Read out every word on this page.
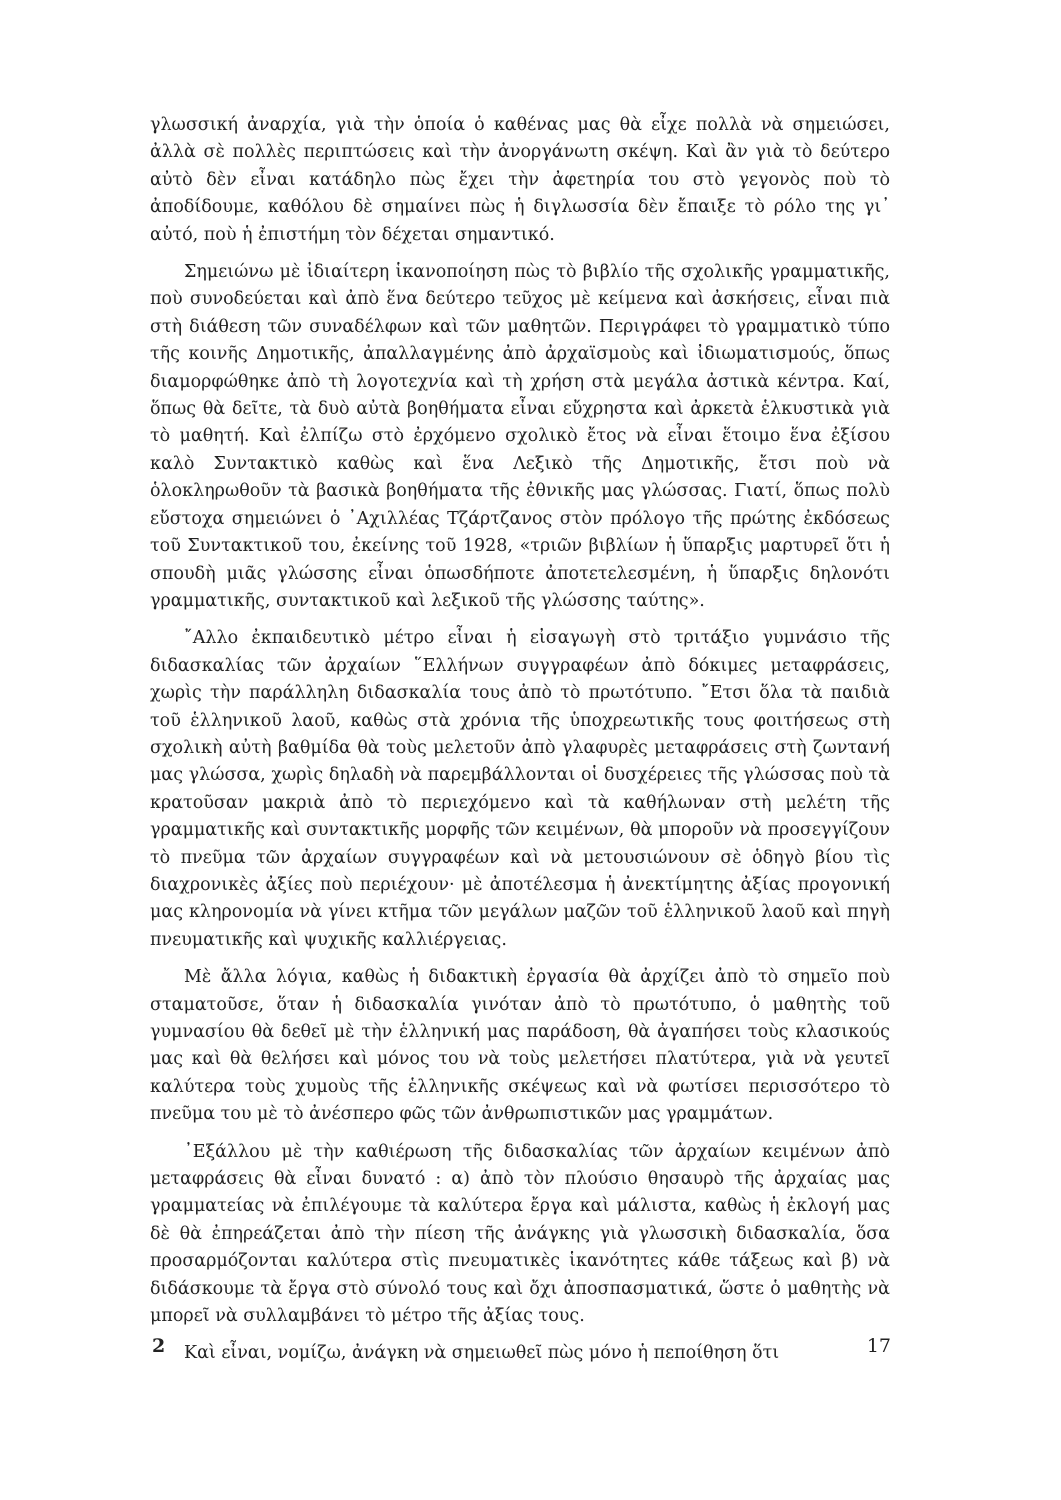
γλωσσική ἀναρχία, γιὰ τὴν ὁποία ὁ καθένας μας θὰ εἶχε πολλὰ νὰ σημειώσει, ἀλλὰ σὲ πολλὲς περιπτώσεις καὶ τὴν ἀνοργάνωτη σκέψη. Καὶ ἂν γιὰ τὸ δεύτερο αὐτὸ δὲν εἶναι κατάδηλο πὼς ἔχει τὴν ἀφετηρία του στὸ γεγονὸς ποὺ τὸ ἀποδίδουμε, καθόλου δὲ σημαίνει πὼς ἡ διγλωσσία δὲν ἔπαιξε τὸ ρόλο της γι᾽ αὐτό, ποὺ ἡ ἐπιστήμη τὸν δέχεται σημαντικό.

Σημειώνω μὲ ἰδιαίτερη ἱκανοποίηση πὼς τὸ βιβλίο τῆς σχολικῆς γραμματικῆς, ποὺ συνοδεύεται καὶ ἀπὸ ἕνα δεύτερο τεῦχος μὲ κείμενα καὶ ἀσκήσεις, εἶναι πιὰ στὴ διάθεση τῶν συναδέλφων καὶ τῶν μαθητῶν. Περιγράφει τὸ γραμματικὸ τύπο τῆς κοινῆς Δημοτικῆς, ἀπαλλαγμένης ἀπὸ ἀρχαϊσμοὺς καὶ ἰδιωματισμούς, ὅπως διαμορφώθηκε ἀπὸ τὴ λογοτεχνία καὶ τὴ χρήση στὰ μεγάλα ἀστικὰ κέντρα. Καί, ὅπως θὰ δεῖτε, τὰ δυὸ αὐτὰ βοηθήματα εἶναι εὔχρηστα καὶ ἀρκετὰ ἑλκυστικὰ γιὰ τὸ μαθητή. Καὶ ἐλπίζω στὸ ἐρχόμενο σχολικὸ ἔτος νὰ εἶναι ἕτοιμο ἕνα ἐξίσου καλὸ Συντακτικὸ καθὼς καὶ ἕνα Λεξικὸ τῆς Δημοτικῆς, ἔτσι ποὺ νὰ ὁλοκληρωθοῦν τὰ βασικὰ βοηθήματα τῆς ἐθνικῆς μας γλώσσας. Γιατί, ὅπως πολὺ εὔστοχα σημειώνει ὁ ᾽Αχιλλέας Τζάρτζανος στὸν πρόλογο τῆς πρώτης ἐκδόσεως τοῦ Συντακτικοῦ του, ἐκείνης τοῦ 1928, «τριῶν βιβλίων ἡ ὕπαρξις μαρτυρεῖ ὅτι ἡ σπουδὴ μιᾶς γλώσσης εἶναι ὁπωσδήποτε ἀποτετελεσμένη, ἡ ὕπαρξις δηλονότι γραμματικῆς, συντακτικοῦ καὶ λεξικοῦ τῆς γλώσσης ταύτης».

῎Αλλο ἐκπαιδευτικὸ μέτρο εἶναι ἡ εἰσαγωγὴ στὸ τριτάξιο γυμνάσιο τῆς διδασκαλίας τῶν ἀρχαίων ῞Ελλήνων συγγραφέων ἀπὸ δόκιμες μεταφράσεις, χωρὶς τὴν παράλληλη διδασκαλία τους ἀπὸ τὸ πρωτότυπο. ῎Ετσι ὅλα τὰ παιδιὰ τοῦ ἑλληνικοῦ λαοῦ, καθὼς στὰ χρόνια τῆς ὑποχρεωτικῆς τους φοιτήσεως στὴ σχολικὴ αὐτὴ βαθμίδα θὰ τοὺς μελετοῦν ἀπὸ γλαφυρὲς μεταφράσεις στὴ ζωντανή μας γλώσσα, χωρὶς δηλαδὴ νὰ παρεμβάλλονται οἱ δυσχέρειες τῆς γλώσσας ποὺ τὰ κρατοῦσαν μακριὰ ἀπὸ τὸ περιεχόμενο καὶ τὰ καθήλωναν στὴ μελέτη τῆς γραμματικῆς καὶ συντακτικῆς μορφῆς τῶν κειμένων, θὰ μποροῦν νὰ προσεγγίζουν τὸ πνεῦμα τῶν ἀρχαίων συγγραφέων καὶ νὰ μετουσιώνουν σὲ ὁδηγὸ βίου τὶς διαχρονικὲς ἀξίες ποὺ περιέχουν· μὲ ἀποτέλεσμα ἡ ἀνεκτίμητης ἀξίας προγονική μας κληρονομία νὰ γίνει κτῆμα τῶν μεγάλων μαζῶν τοῦ ἑλληνικοῦ λαοῦ καὶ πηγὴ πνευματικῆς καὶ ψυχικῆς καλλιέργειας.

Μὲ ἄλλα λόγια, καθὼς ἡ διδακτικὴ ἐργασία θὰ ἀρχίζει ἀπὸ τὸ σημεῖο ποὺ σταματοῦσε, ὅταν ἡ διδασκαλία γινόταν ἀπὸ τὸ πρωτότυπο, ὁ μαθητὴς τοῦ γυμνασίου θὰ δεθεῖ μὲ τὴν ἑλληνική μας παράδοση, θὰ ἀγαπήσει τοὺς κλασικούς μας καὶ θὰ θελήσει καὶ μόνος του νὰ τοὺς μελετήσει πλατύτερα, γιὰ νὰ γευτεῖ καλύτερα τοὺς χυμοὺς τῆς ἑλληνικῆς σκέψεως καὶ νὰ φωτίσει περισσότερο τὸ πνεῦμα του μὲ τὸ ἀνέσπερο φῶς τῶν ἀνθρωπιστικῶν μας γραμμάτων.

᾽Εξάλλου μὲ τὴν καθιέρωση τῆς διδασκαλίας τῶν ἀρχαίων κειμένων ἀπὸ μεταφράσεις θὰ εἶναι δυνατό : α) ἀπὸ τὸν πλούσιο θησαυρὸ τῆς ἀρχαίας μας γραμματείας νὰ ἐπιλέγουμε τὰ καλύτερα ἔργα καὶ μάλιστα, καθὼς ἡ ἐκλογή μας δὲ θὰ ἐπηρεάζεται ἀπὸ τὴν πίεση τῆς ἀνάγκης γιὰ γλωσσικὴ διδασκαλία, ὅσα προσαρμόζονται καλύτερα στὶς πνευματικὲς ἱκανότητες κάθε τάξεως καὶ β) νὰ διδάσκουμε τὰ ἔργα στὸ σύνολό τους καὶ ὄχι ἀποσπασματικά, ὥστε ὁ μαθητὴς νὰ μπορεῖ νὰ συλλαμβάνει τὸ μέτρο τῆς ἀξίας τους.

Καὶ εἶναι, νομίζω, ἀνάγκη νὰ σημειωθεῖ πὼς μόνο ἡ πεποίθηση ὅτι

2	17
